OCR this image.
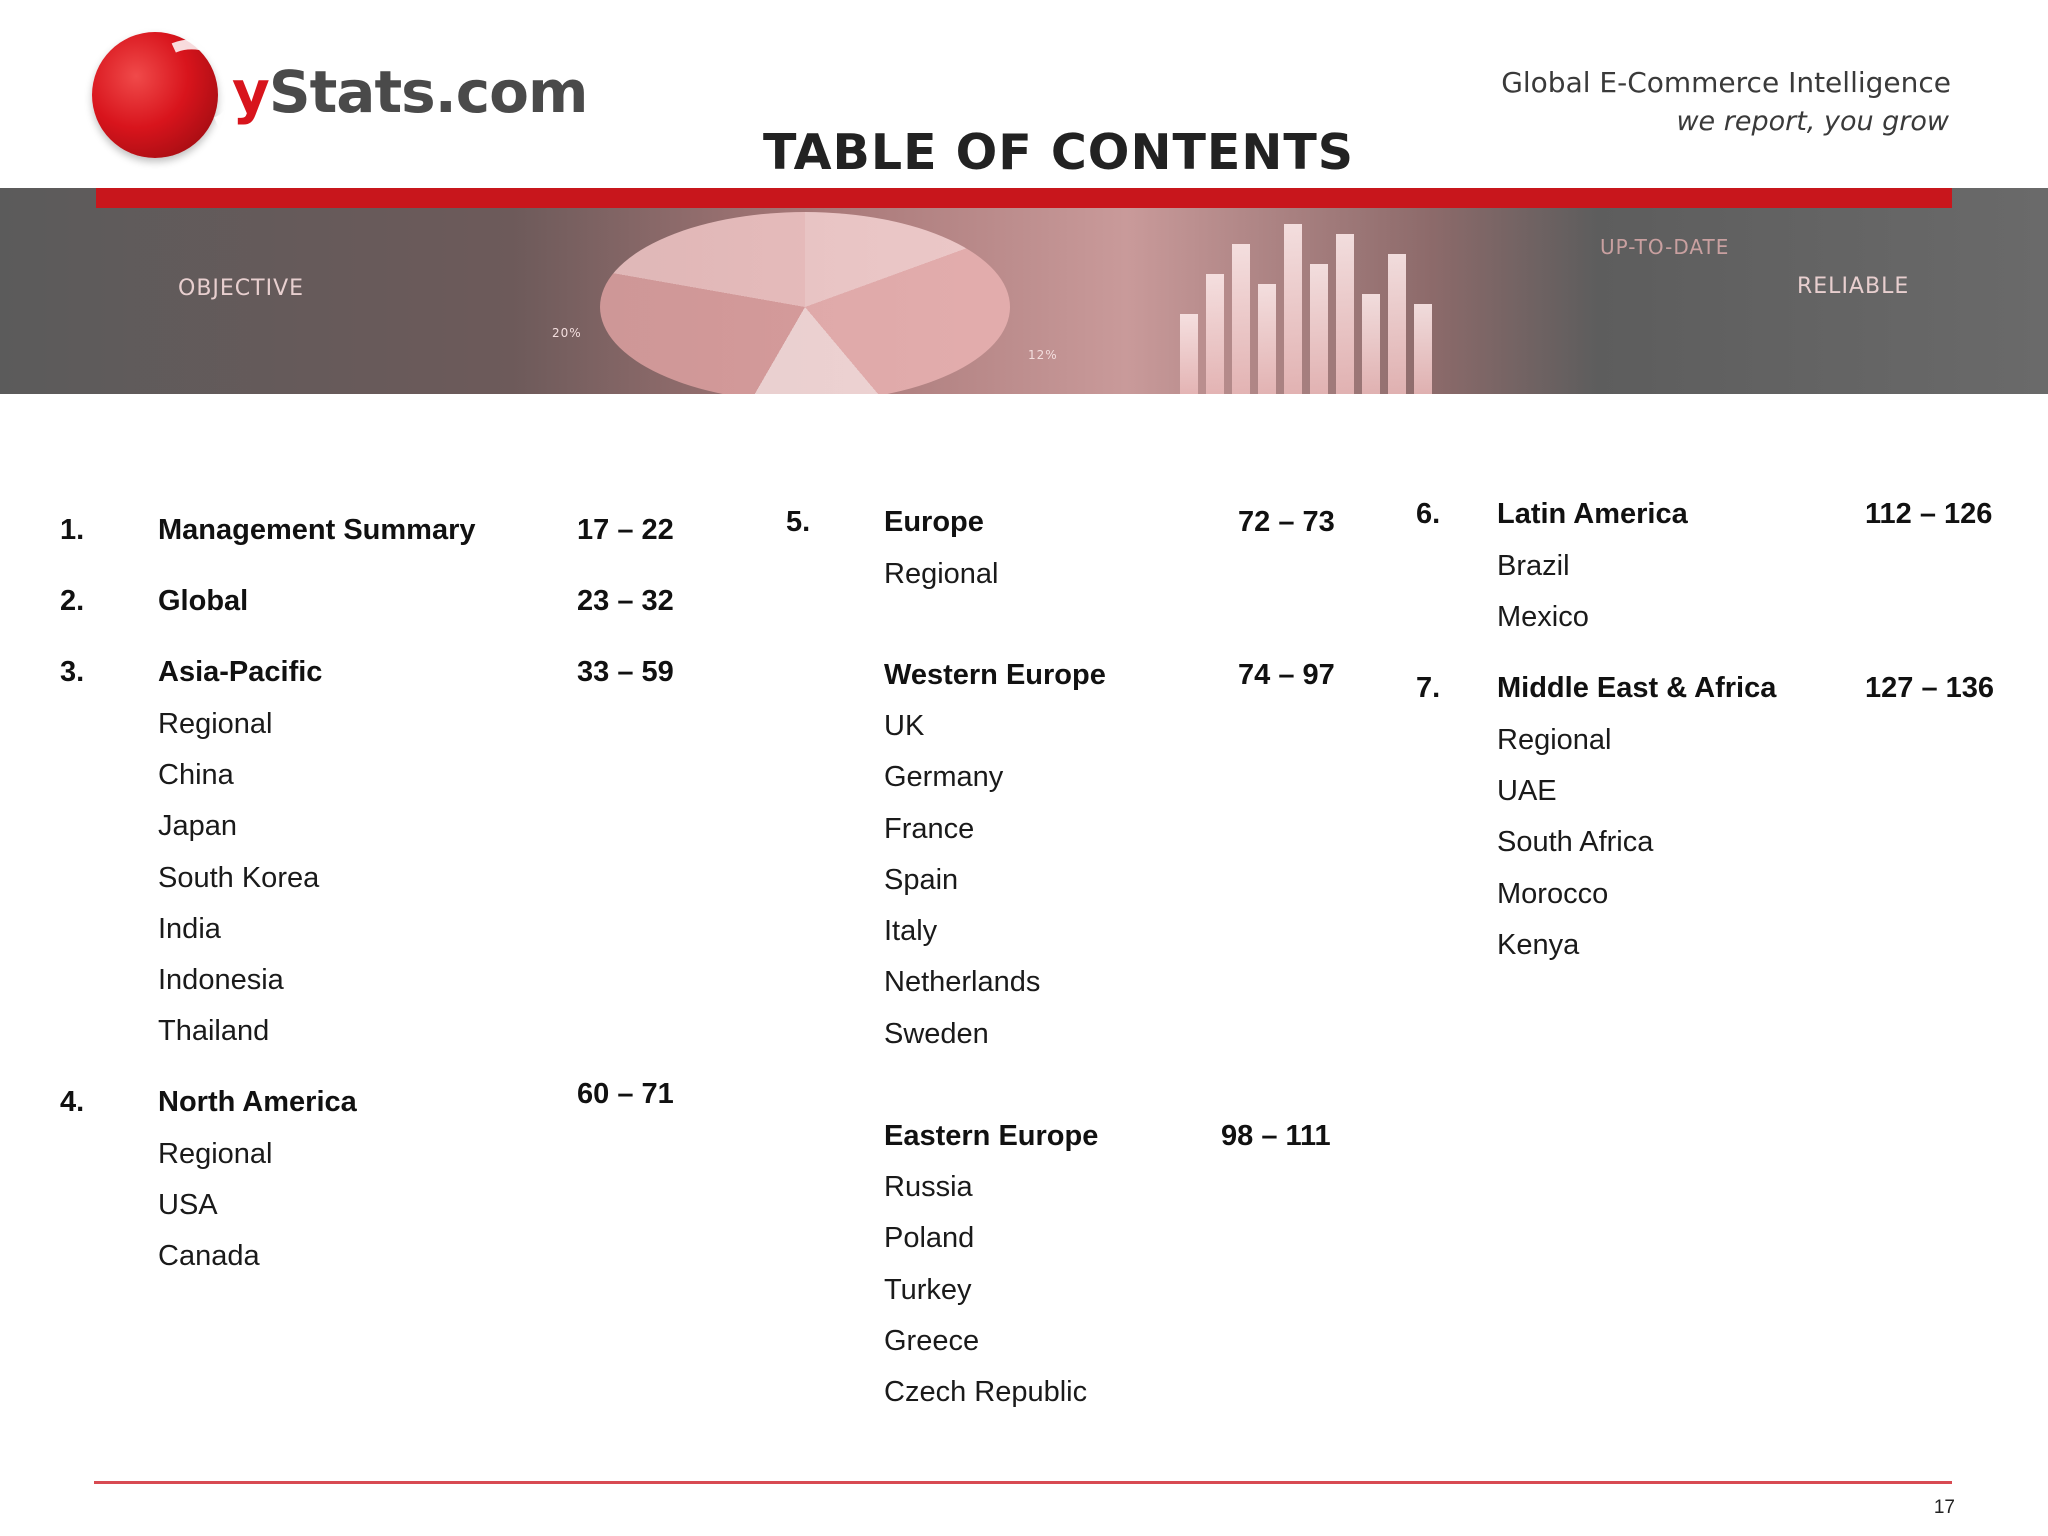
yStats.com	Global E-Commerce Intelligence
we report, you grow
TABLE OF CONTENTS
OBJECTIVE
UP-TO-DATE
RELIABLE
20%
12%
1.	Management Summary	17 – 22
2.	Global	23 – 32
3.	Asia-Pacific	33 – 59
Regional
China
Japan
South Korea
India
Indonesia
Thailand
4.	North America	60 – 71
Regional
USA
Canada
5.	Europe	72 – 73
Regional
Western Europe	74 – 97
UK
Germany
France
Spain
Italy
Netherlands
Sweden
Eastern Europe	98 – 111
Russia
Poland
Turkey
Greece
Czech Republic
6. Latin America	112 – 126
Brazil
Mexico
7. Middle East & Africa	127 – 136
Regional
UAE
South Africa
Morocco
Kenya
17
